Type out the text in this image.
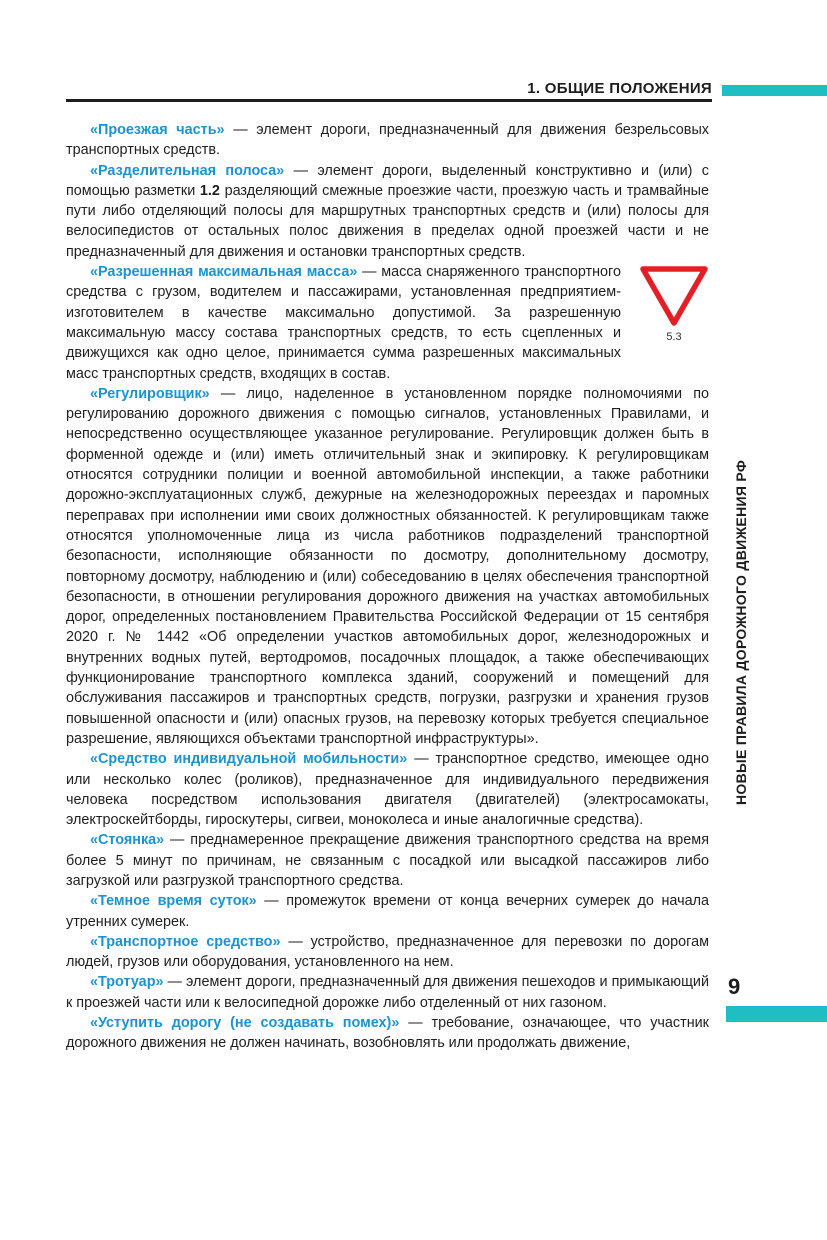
1. ОБЩИЕ ПОЛОЖЕНИЯ
НОВЫЕ ПРАВИЛА ДОРОЖНОГО ДВИЖЕНИЯ РФ
9

«Проезжая часть» — элемент дороги, предназначенный для движения безрельсовых транспортных средств.

«Разделительная полоса» — элемент дороги, выделенный конструктивно и (или) с помощью разметки 1.2 разделяющий смежные проезжие части, проезжую часть и трамвайные пути либо отделяющий полосы для маршрутных транспортных средств и (или) полосы для велосипедистов от остальных полос движения в пределах одной проезжей части и не предназначенный для движения и остановки транспортных средств.

5.3

«Разрешенная максимальная масса» — масса снаряженного транспортного средства с грузом, водителем и пассажирами, установленная предприятием-изготовителем в качестве максимально допустимой. За разрешенную максимальную массу состава транспортных средств, то есть сцепленных и движущихся как одно целое, принимается сумма разрешенных максимальных масс транспортных средств, входящих в состав.

«Регулировщик» — лицо, наделенное в установленном порядке полномочиями по регулированию дорожного движения с помощью сигналов, установленных Правилами, и непосредственно осуществляющее указанное регулирование. Регулировщик должен быть в форменной одежде и (или) иметь отличительный знак и экипировку. К регулировщикам относятся сотрудники полиции и военной автомобильной инспекции, а также работники дорожно-эксплуатационных служб, дежурные на железнодорожных переездах и паромных переправах при исполнении ими своих должностных обязанностей. К регулировщикам также относятся уполномоченные лица из числа работников подразделений транспортной безопасности, исполняющие обязанности по досмотру, дополнительному досмотру, повторному досмотру, наблюдению и (или) собеседованию в целях обеспечения транспортной безопасности, в отношении регулирования дорожного движения на участках автомобильных дорог, определенных постановлением Правительства Российской Федерации от 15 сентября 2020 г. № 1442 «Об определении участков автомобильных дорог, железнодорожных и внутренних водных путей, вертодромов, посадочных площадок, а также обеспечивающих функционирование транспортного комплекса зданий, сооружений и помещений для обслуживания пассажиров и транспортных средств, погрузки, разгрузки и хранения грузов повышенной опасности и (или) опасных грузов, на перевозку которых требуется специальное разрешение, являющихся объектами транспортной инфраструктуры».

«Средство индивидуальной мобильности» — транспортное средство, имеющее одно или несколько колес (роликов), предназначенное для индивидуального передвижения человека посредством использования двигателя (двигателей) (электросамокаты, электроскейтборды, гироскутеры, сигвеи, моноколеса и иные аналогичные средства).

«Стоянка» — преднамеренное прекращение движения транспортного средства на время более 5 минут по причинам, не связанным с посадкой или высадкой пассажиров либо загрузкой или разгрузкой транспортного средства.

«Темное время суток» — промежуток времени от конца вечерних сумерек до начала утренних сумерек.

«Транспортное средство» — устройство, предназначенное для перевозки по дорогам людей, грузов или оборудования, установленного на нем.

«Тротуар» — элемент дороги, предназначенный для движения пешеходов и примыкающий к проезжей части или к велосипедной дорожке либо отделенный от них газоном.

«Уступить дорогу (не создавать помех)» — требование, означающее, что участник дорожного движения не должен начинать, возобновлять или продолжать движение,
